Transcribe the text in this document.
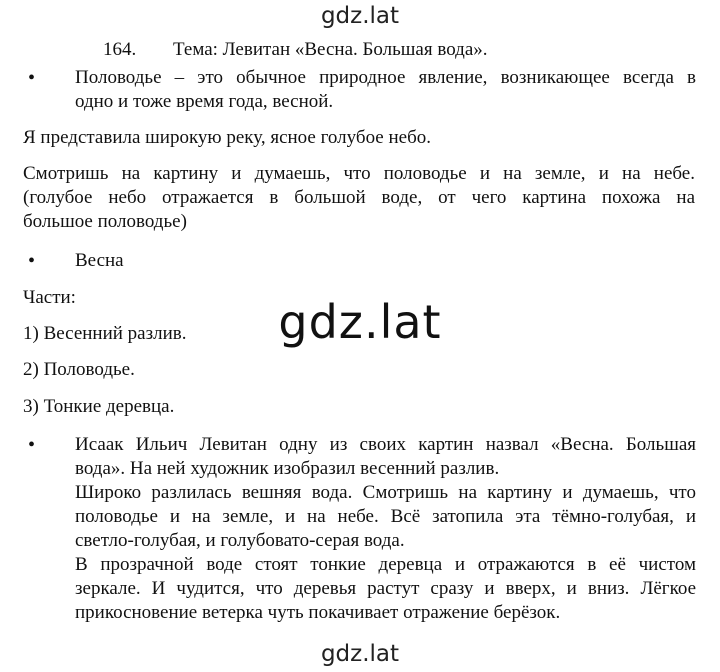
gdz.lat
164. Тема: Левитан «Весна. Большая вода».
• Половодье – это обычное природное явление, возникающее всегда в
одно и тоже время года, весной.
Я представила широкую реку, ясное голубое небо.
Смотришь на картину и думаешь, что половодье и на земле, и на небе.
(голубое небо отражается в большой воде, от чего картина похожа на
большое половодье)
• Весна
Части:
1) Весенний разлив.
2) Половодье.
3) Тонкие деревца.
gdz.lat
• Исаак Ильич Левитан одну из своих картин назвал «Весна. Большая
вода». На ней художник изобразил весенний разлив.
Широко разлилась вешняя вода. Смотришь на картину и думаешь, что
половодье и на земле, и на небе. Всё затопила эта тёмно-голубая, и
светло-голубая, и голубовато-серая вода.
В прозрачной воде стоят тонкие деревца и отражаются в её чистом
зеркале. И чудится, что деревья растут сразу и вверх, и вниз. Лёгкое
прикосновение ветерка чуть покачивает отражение берёзок.
gdz.lat
